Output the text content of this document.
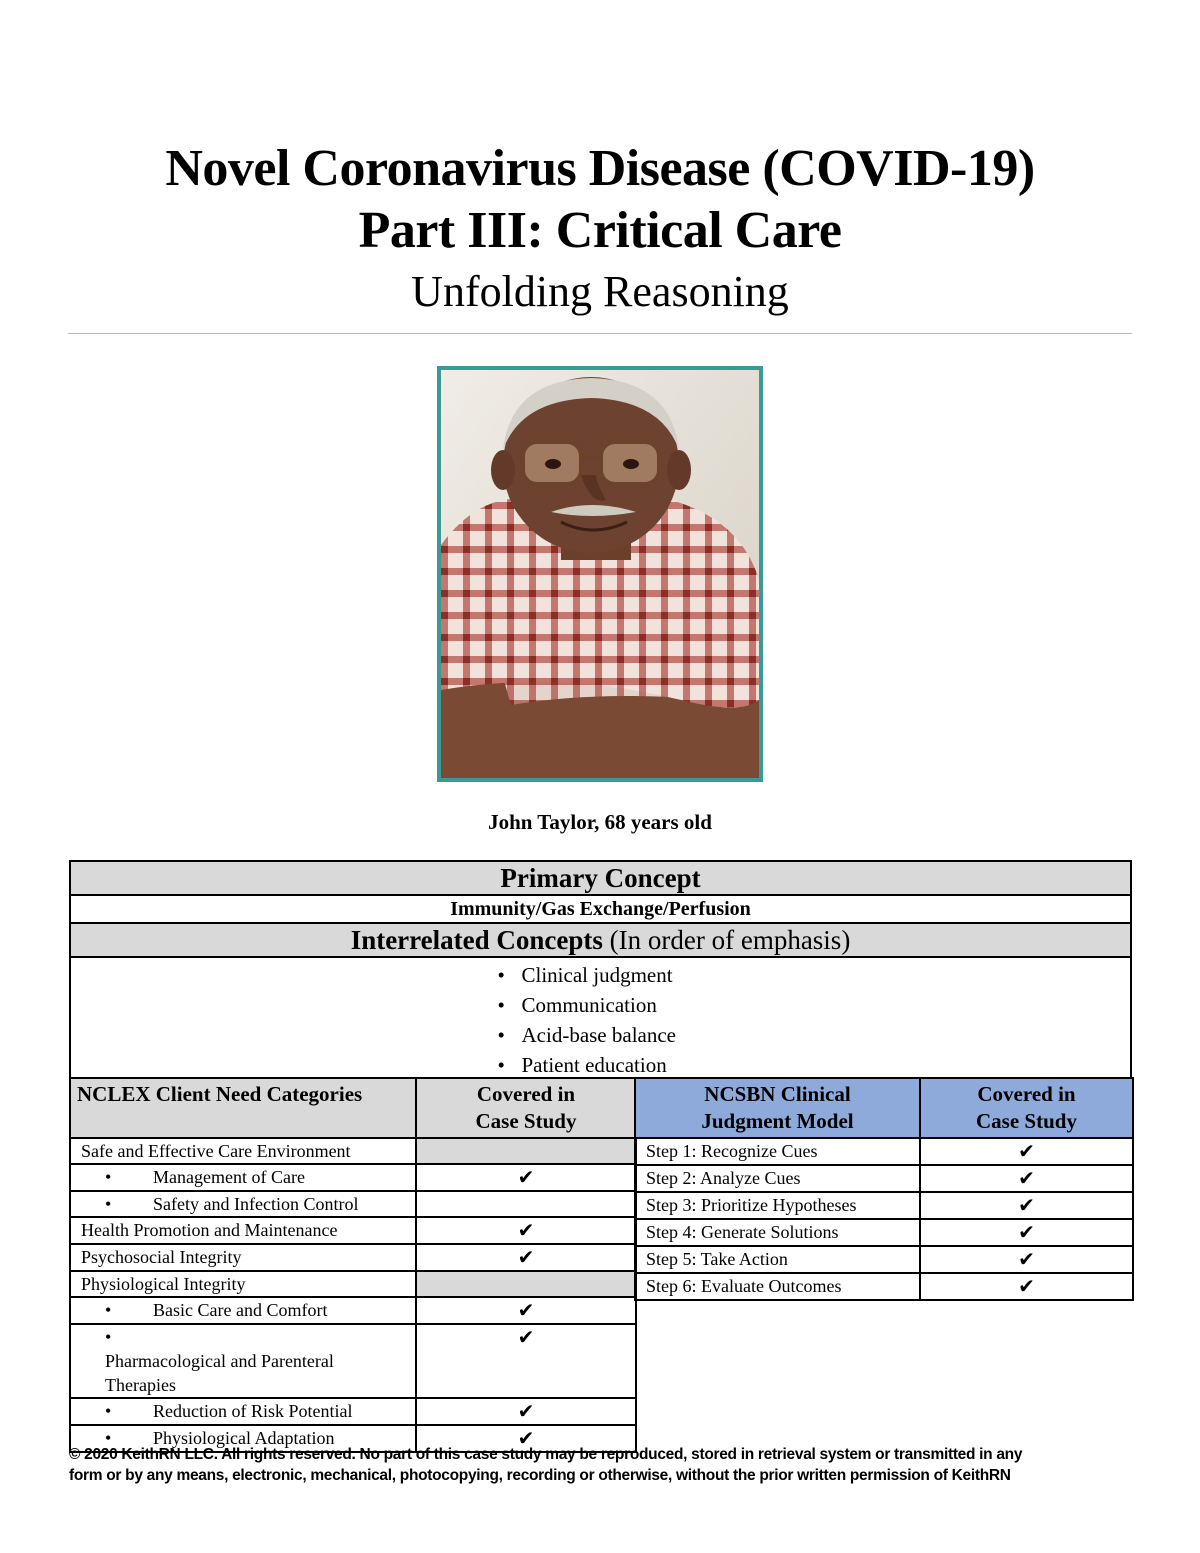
Novel Coronavirus Disease (COVID-19)
Part III: Critical Care
Unfolding Reasoning
John Taylor, 68 years old
Primary Concept
Immunity/Gas Exchange/Perfusion
Interrelated Concepts (In order of emphasis)

• Clinical judgment
• Communication
• Acid-base balance
• Patient education
NCLEX Client Need Categories	Covered in
Case Study
Safe and Effective Care Environment	
• Management of Care	✔
• Safety and Infection Control	
Health Promotion and Maintenance	✔
Psychosocial Integrity	✔
Physiological Integrity	
• Basic Care and Comfort	✔
•Pharmacological and Parenteral Therapies	✔
• Reduction of Risk Potential	✔
• Physiological Adaptation	✔
NCSBN Clinical
Judgment Model	Covered in
Case Study
Step 1: Recognize Cues	✔
Step 2: Analyze Cues	✔
Step 3: Prioritize Hypotheses	✔
Step 4: Generate Solutions	✔
Step 5: Take Action	✔
Step 6: Evaluate Outcomes	✔
© 2020 KeithRN LLC. All rights reserved. No part of this case study may be reproduced, stored in retrieval system or transmitted in any
form or by any means, electronic, mechanical, photocopying, recording or otherwise, without the prior written permission of KeithRN
